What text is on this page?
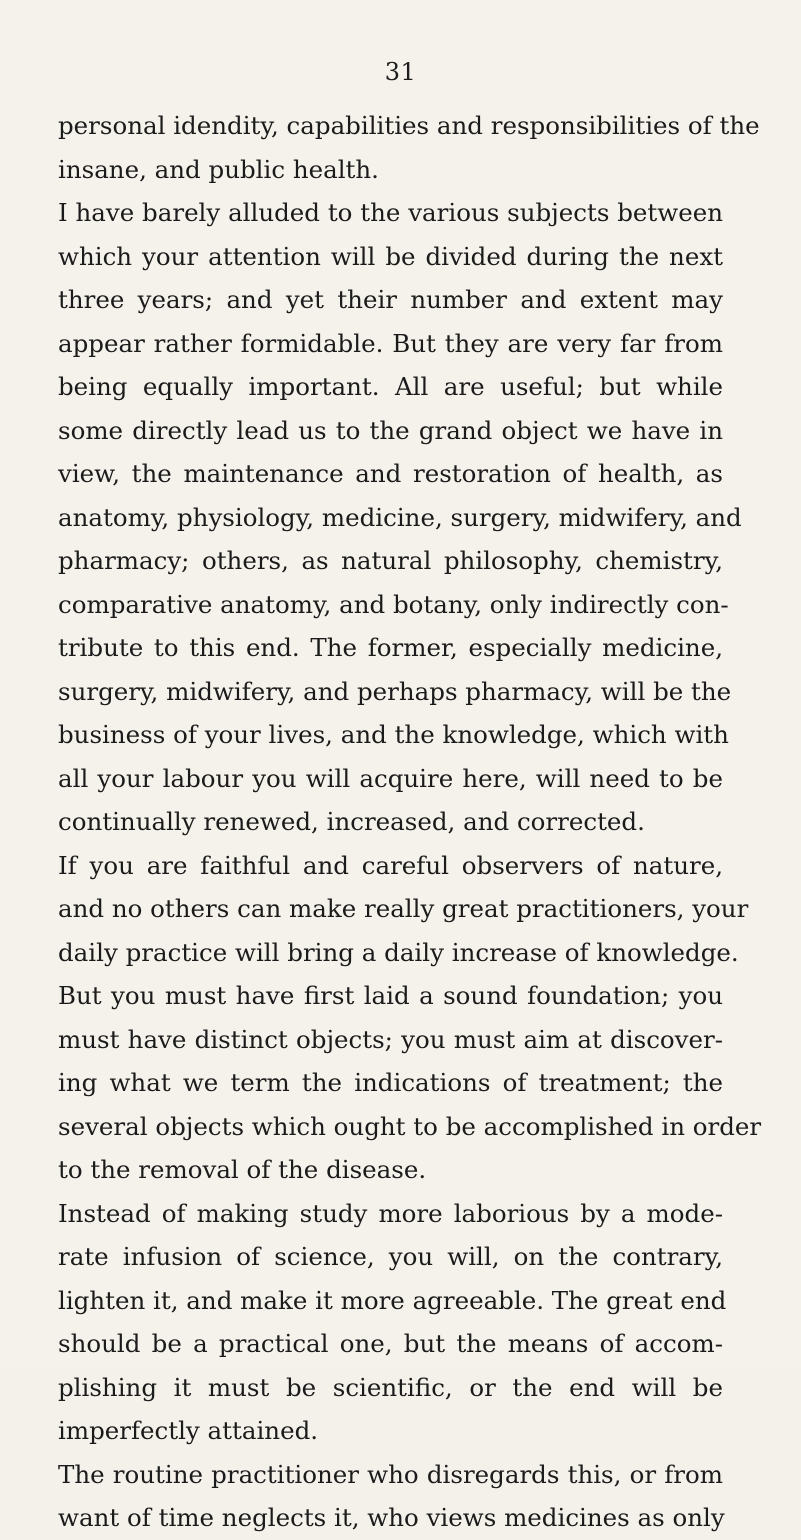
31
personal idendity, capabilities and responsibilities of the
insane, and public health.
I have barely alluded to the various subjects between
which your attention will be divided during the next
three years; and yet their number and extent may
appear rather formidable. But they are very far from
being equally important. All are useful; but while
some directly lead us to the grand object we have in
view, the maintenance and restoration of health, as
anatomy, physiology, medicine, surgery, midwifery, and
pharmacy; others, as natural philosophy, chemistry,
comparative anatomy, and botany, only indirectly con-
tribute to this end. The former, especially medicine,
surgery, midwifery, and perhaps pharmacy, will be the
business of your lives, and the knowledge, which with
all your labour you will acquire here, will need to be
continually renewed, increased, and corrected.
If you are faithful and careful observers of nature,
and no others can make really great practitioners, your
daily practice will bring a daily increase of knowledge.
But you must have first laid a sound foundation; you
must have distinct objects; you must aim at discover-
ing what we term the indications of treatment; the
several objects which ought to be accomplished in order
to the removal of the disease.
Instead of making study more laborious by a mode-
rate infusion of science, you will, on the contrary,
lighten it, and make it more agreeable. The great end
should be a practical one, but the means of accom-
plishing it must be scientific, or the end will be
imperfectly attained.
The routine practitioner who disregards this, or from
want of time neglects it, who views medicines as only
